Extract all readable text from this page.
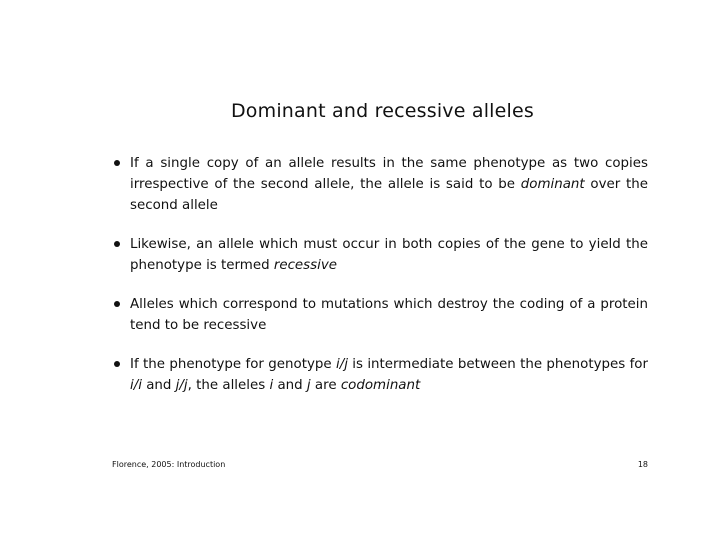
Dominant and recessive alleles
If a single copy of an allele results in the same phenotype as two copies irrespective of the second allele, the allele is said to be dominant over the second allele
Likewise, an allele which must occur in both copies of the gene to yield the phenotype is termed recessive
Alleles which correspond to mutations which destroy the coding of a protein tend to be recessive
If the phenotype for genotype i/j is intermediate between the phenotypes for i/i and j/j, the alleles i and j are codominant
Florence, 2005: Introduction	18
